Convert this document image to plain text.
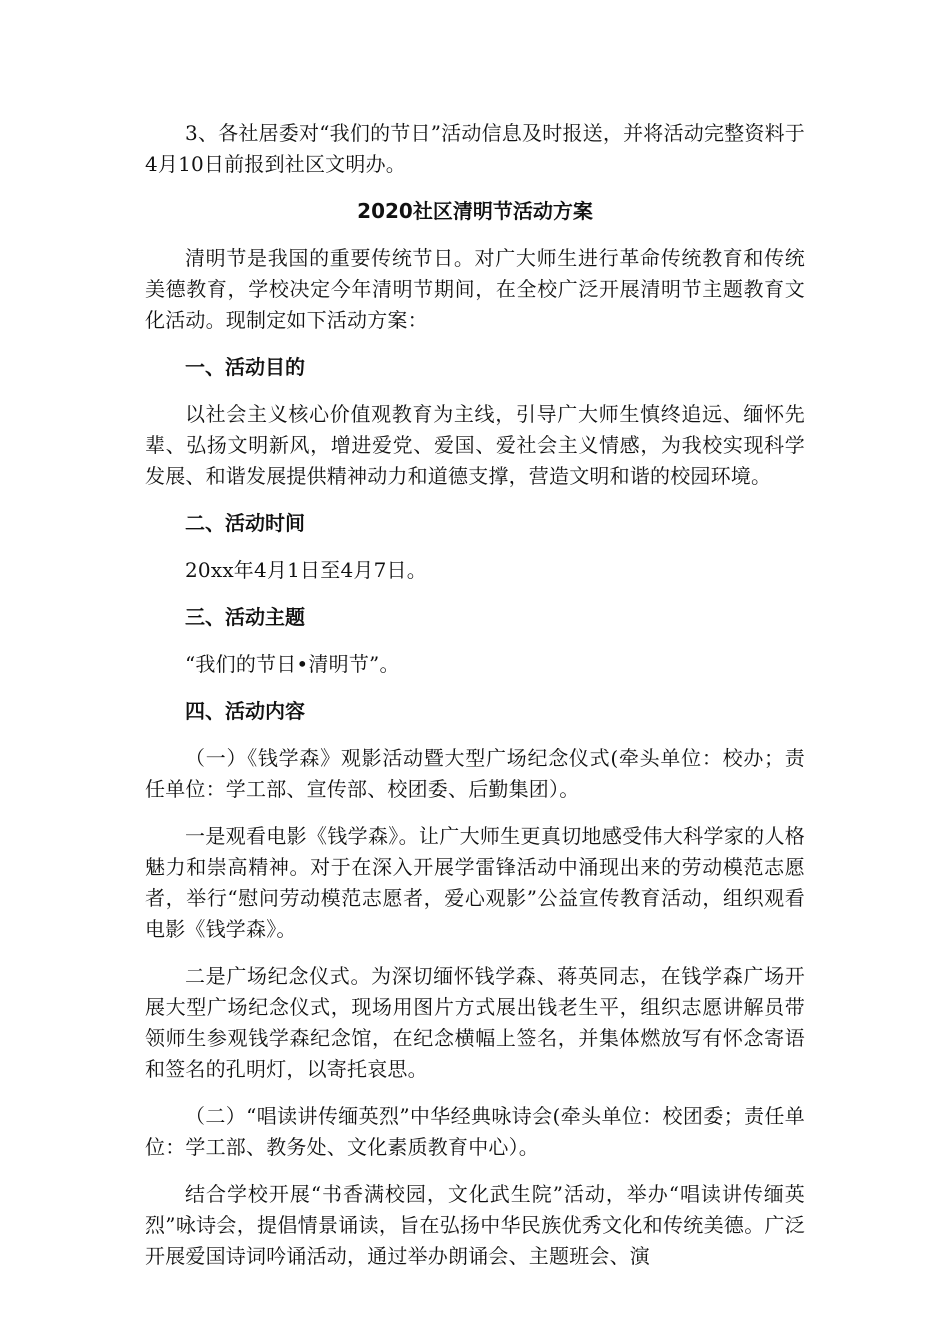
3、各社居委对“我们的节日”活动信息及时报送，并将活动完整资料于4月10日前报到社区文明办。

2020社区清明节活动方案

清明节是我国的重要传统节日。对广大师生进行革命传统教育和传统美德教育，学校决定今年清明节期间，在全校广泛开展清明节主题教育文化活动。现制定如下活动方案：

一、活动目的

以社会主义核心价值观教育为主线，引导广大师生慎终追远、缅怀先辈、弘扬文明新风，增进爱党、爱国、爱社会主义情感，为我校实现科学发展、和谐发展提供精神动力和道德支撑，营造文明和谐的校园环境。

二、活动时间

20xx年4月1日至4月7日。

三、活动主题

“我们的节日•清明节”。

四、活动内容

（一）《钱学森》观影活动暨大型广场纪念仪式(牵头单位：校办；责任单位：学工部、宣传部、校团委、后勤集团）。

一是观看电影《钱学森》。让广大师生更真切地感受伟大科学家的人格魅力和崇高精神。对于在深入开展学雷锋活动中涌现出来的劳动模范志愿者，举行“慰问劳动模范志愿者，爱心观影”公益宣传教育活动，组织观看电影《钱学森》。

二是广场纪念仪式。为深切缅怀钱学森、蒋英同志，在钱学森广场开展大型广场纪念仪式，现场用图片方式展出钱老生平，组织志愿讲解员带领师生参观钱学森纪念馆，在纪念横幅上签名，并集体燃放写有怀念寄语和签名的孔明灯，以寄托哀思。

（二）“唱读讲传缅英烈”中华经典咏诗会(牵头单位：校团委；责任单位：学工部、教务处、文化素质教育中心）。

结合学校开展“书香满校园，文化武生院”活动，举办“唱读讲传缅英烈”咏诗会，提倡情景诵读，旨在弘扬中华民族优秀文化和传统美德。广泛开展爱国诗词吟诵活动，通过举办朗诵会、主题班会、演
